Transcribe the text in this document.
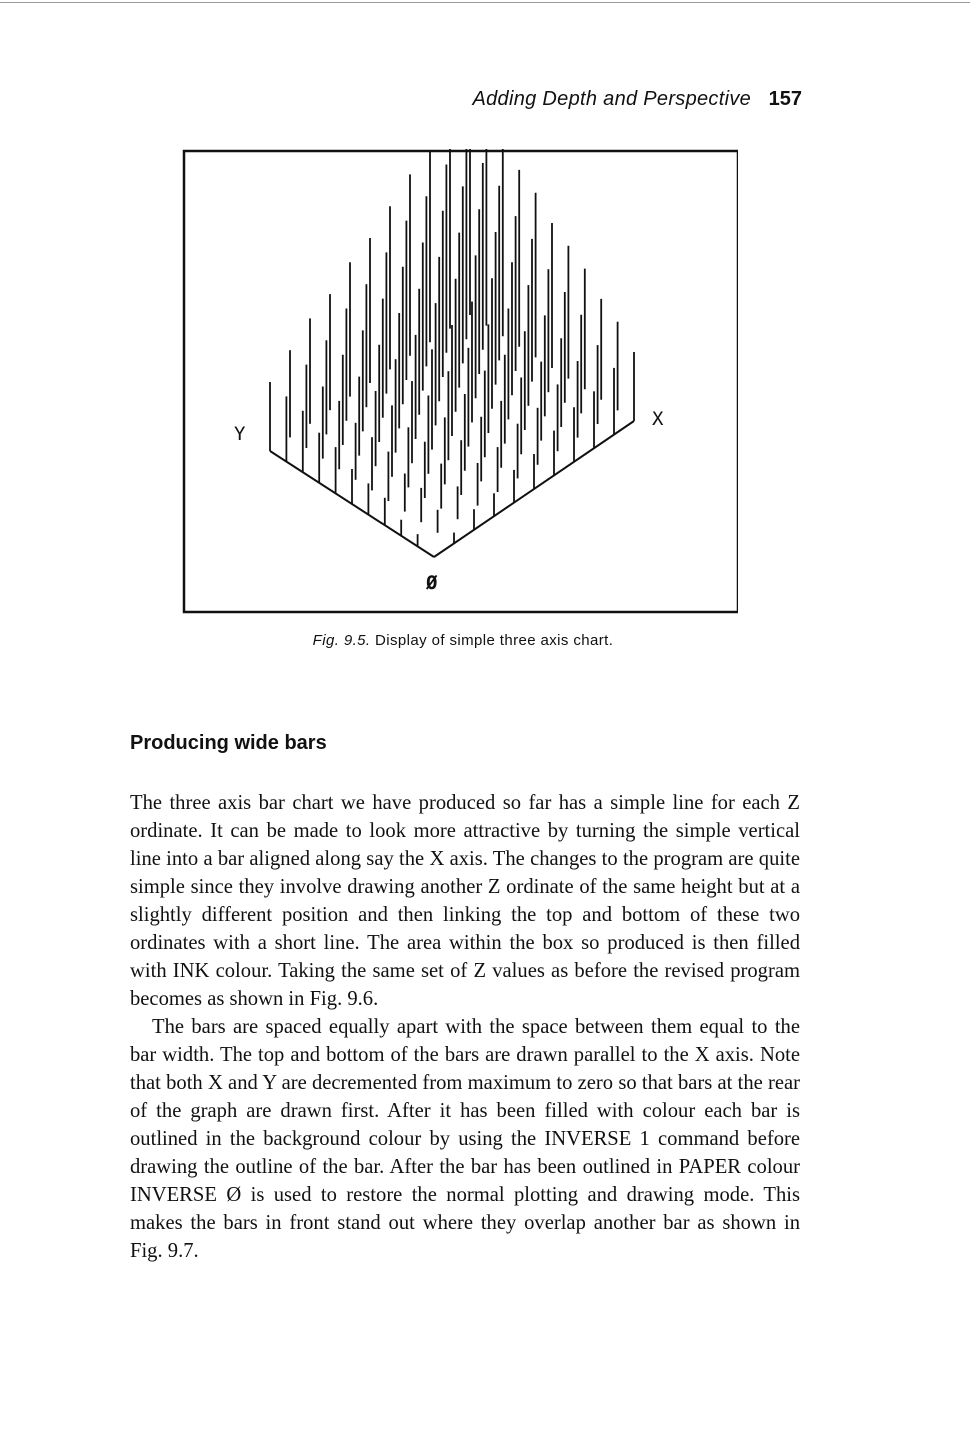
Adding Depth and Perspective 157
Y
X
Ø
Fig. 9.5. Display of simple three axis chart.
Producing wide bars

The three axis bar chart we have produced so far has a simple line for each Z ordinate. It can be made to look more attractive by turning the simple vertical line into a bar aligned along say the X axis. The changes to the program are quite simple since they involve drawing another Z ordinate of the same height but at a slightly different position and then linking the top and bottom of these two ordinates with a short line. The area within the box so produced is then filled with INK colour. Taking the same set of Z values as before the revised program becomes as shown in Fig. 9.6.

The bars are spaced equally apart with the space between them equal to the bar width. The top and bottom of the bars are drawn parallel to the X axis. Note that both X and Y are decremented from maximum to zero so that bars at the rear of the graph are drawn first. After it has been filled with colour each bar is outlined in the background colour by using the INVERSE 1 command before drawing the outline of the bar. After the bar has been outlined in PAPER colour INVERSE Ø is used to restore the normal plotting and drawing mode. This makes the bars in front stand out where they overlap another bar as shown in Fig. 9.7.
